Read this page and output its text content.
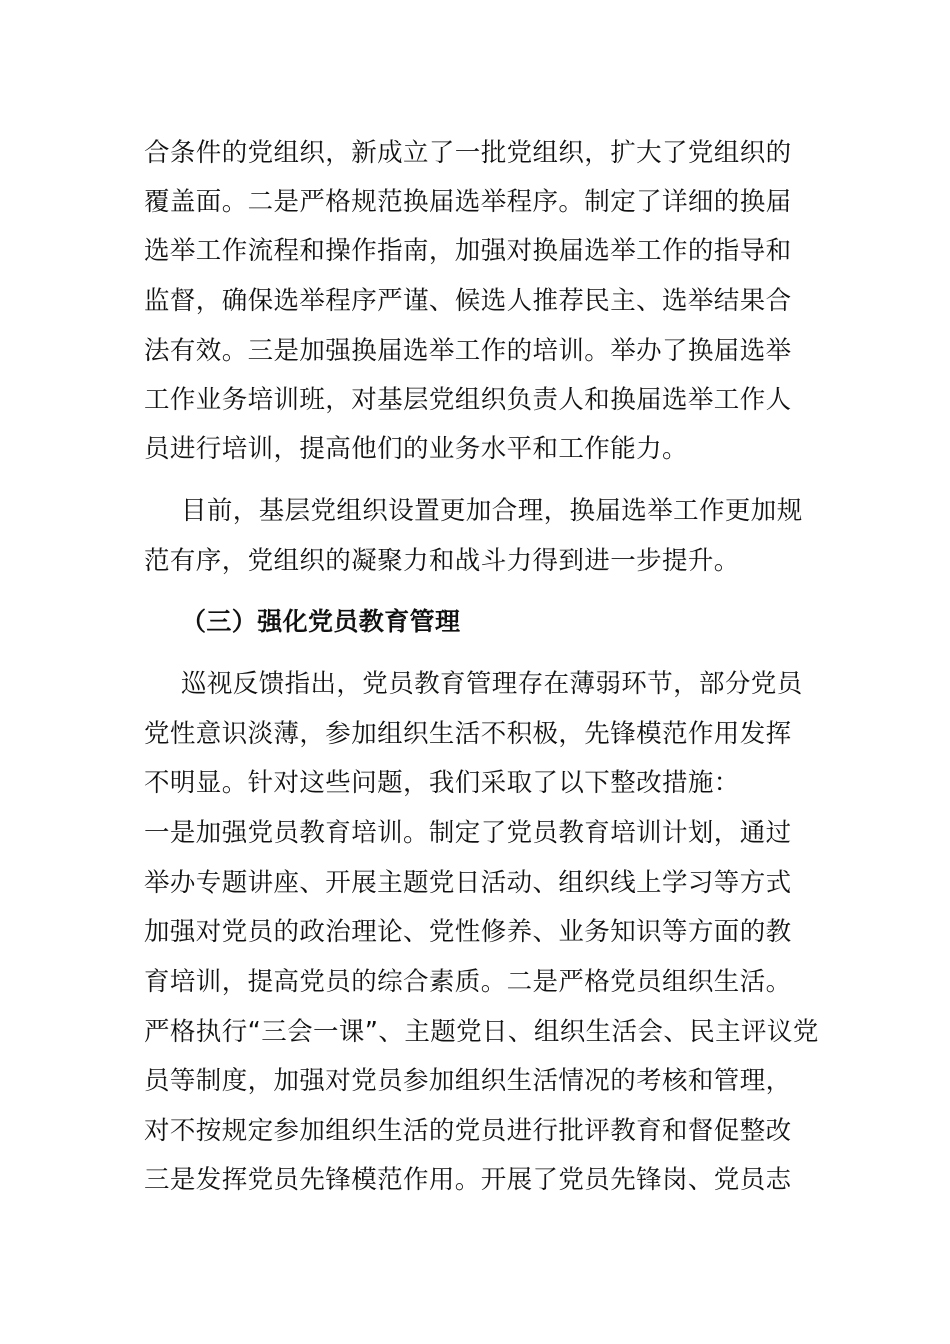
合条件的党组织，新成立了一批党组织，扩大了党组织的
覆盖面。二是严格规范换届选举程序。制定了详细的换届
选举工作流程和操作指南，加强对换届选举工作的指导和
监督，确保选举程序严谨、候选人推荐民主、选举结果合
法有效。三是加强换届选举工作的培训。举办了换届选举
工作业务培训班，对基层党组织负责人和换届选举工作人
员进行培训，提高他们的业务水平和工作能力。
目前，基层党组织设置更加合理，换届选举工作更加规
范有序，党组织的凝聚力和战斗力得到进一步提升。
（三）强化党员教育管理
巡视反馈指出，党员教育管理存在薄弱环节，部分党员
党性意识淡薄，参加组织生活不积极，先锋模范作用发挥
不明显。针对这些问题，我们采取了以下整改措施：
一是加强党员教育培训。制定了党员教育培训计划，通过
举办专题讲座、开展主题党日活动、组织线上学习等方式
加强对党员的政治理论、党性修养、业务知识等方面的教
育培训，提高党员的综合素质。二是严格党员组织生活。
严格执行“三会一课”、主题党日、组织生活会、民主评议党
员等制度，加强对党员参加组织生活情况的考核和管理，
对不按规定参加组织生活的党员进行批评教育和督促整改
三是发挥党员先锋模范作用。开展了党员先锋岗、党员志
